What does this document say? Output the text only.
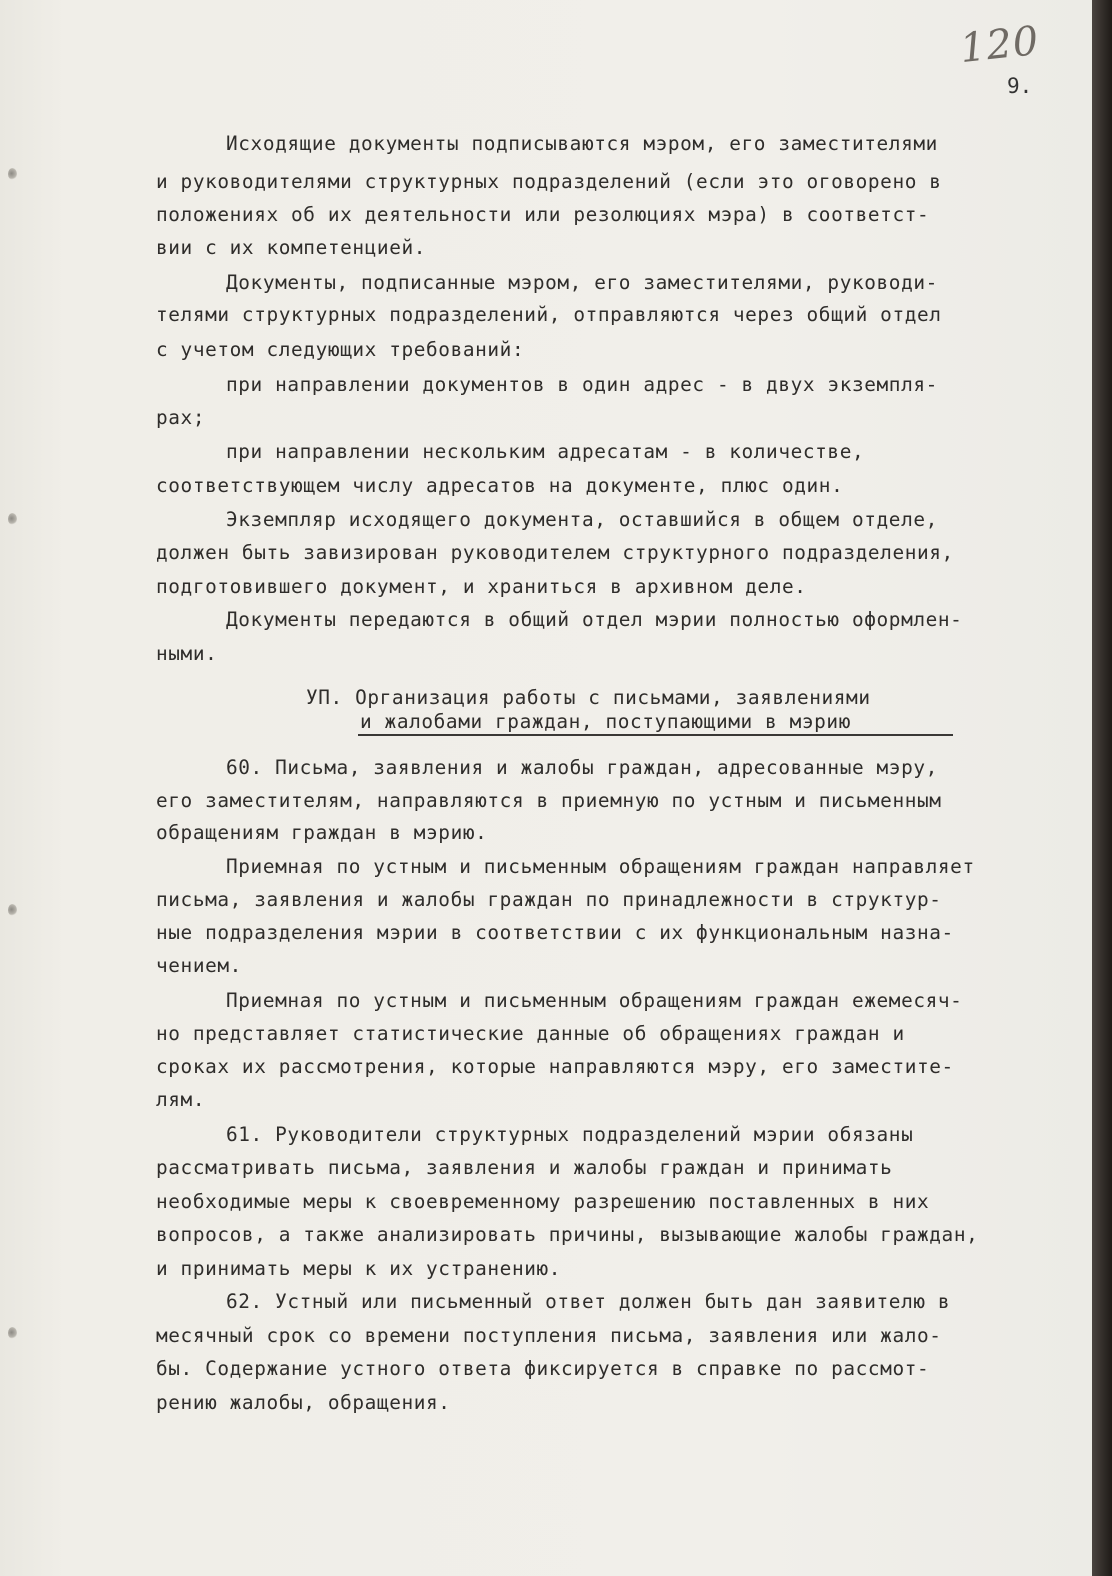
120
9.
Исходящие документы подписываются мэром, его заместителями
и руководителями структурных подразделений (если это оговорено в
положениях об их деятельности или резолюциях мэра) в соответст-
вии с их компетенцией.
Документы, подписанные мэром, его заместителями, руководи-
телями структурных подразделений, отправляются через общий отдел
с учетом следующих требований:
при направлении документов в один адрес - в двух экземпля-
рах;
при направлении нескольким адресатам - в количестве,
соответствующем числу адресатов на документе, плюс один.
Экземпляр исходящего документа, оставшийся в общем отделе,
должен быть завизирован руководителем структурного подразделения,
подготовившего документ, и храниться в архивном деле.
Документы передаются в общий отдел мэрии полностью оформлен-
ными.
УП. Организация работы с письмами, заявлениями
и жалобами граждан, поступающими в мэрию
60. Письма, заявления и жалобы граждан, адресованные мэру,
его заместителям, направляются в приемную по устным и письменным
обращениям граждан в мэрию.
Приемная по устным и письменным обращениям граждан направляет
письма, заявления и жалобы граждан по принадлежности в структур-
ные подразделения мэрии в соответствии с их функциональным назна-
чением.
Приемная по устным и письменным обращениям граждан ежемесяч-
но представляет статистические данные об обращениях граждан и
сроках их рассмотрения, которые направляются мэру, его заместите-
лям.
61. Руководители структурных подразделений мэрии обязаны
рассматривать письма, заявления и жалобы граждан и принимать
необходимые меры к своевременному разрешению поставленных в них
вопросов, а также анализировать причины, вызывающие жалобы граждан,
и принимать меры к их устранению.
62. Устный или письменный ответ должен быть дан заявителю в
месячный срок со времени поступления письма, заявления или жало-
бы. Содержание устного ответа фиксируется в справке по рассмот-
рению жалобы, обращения.
